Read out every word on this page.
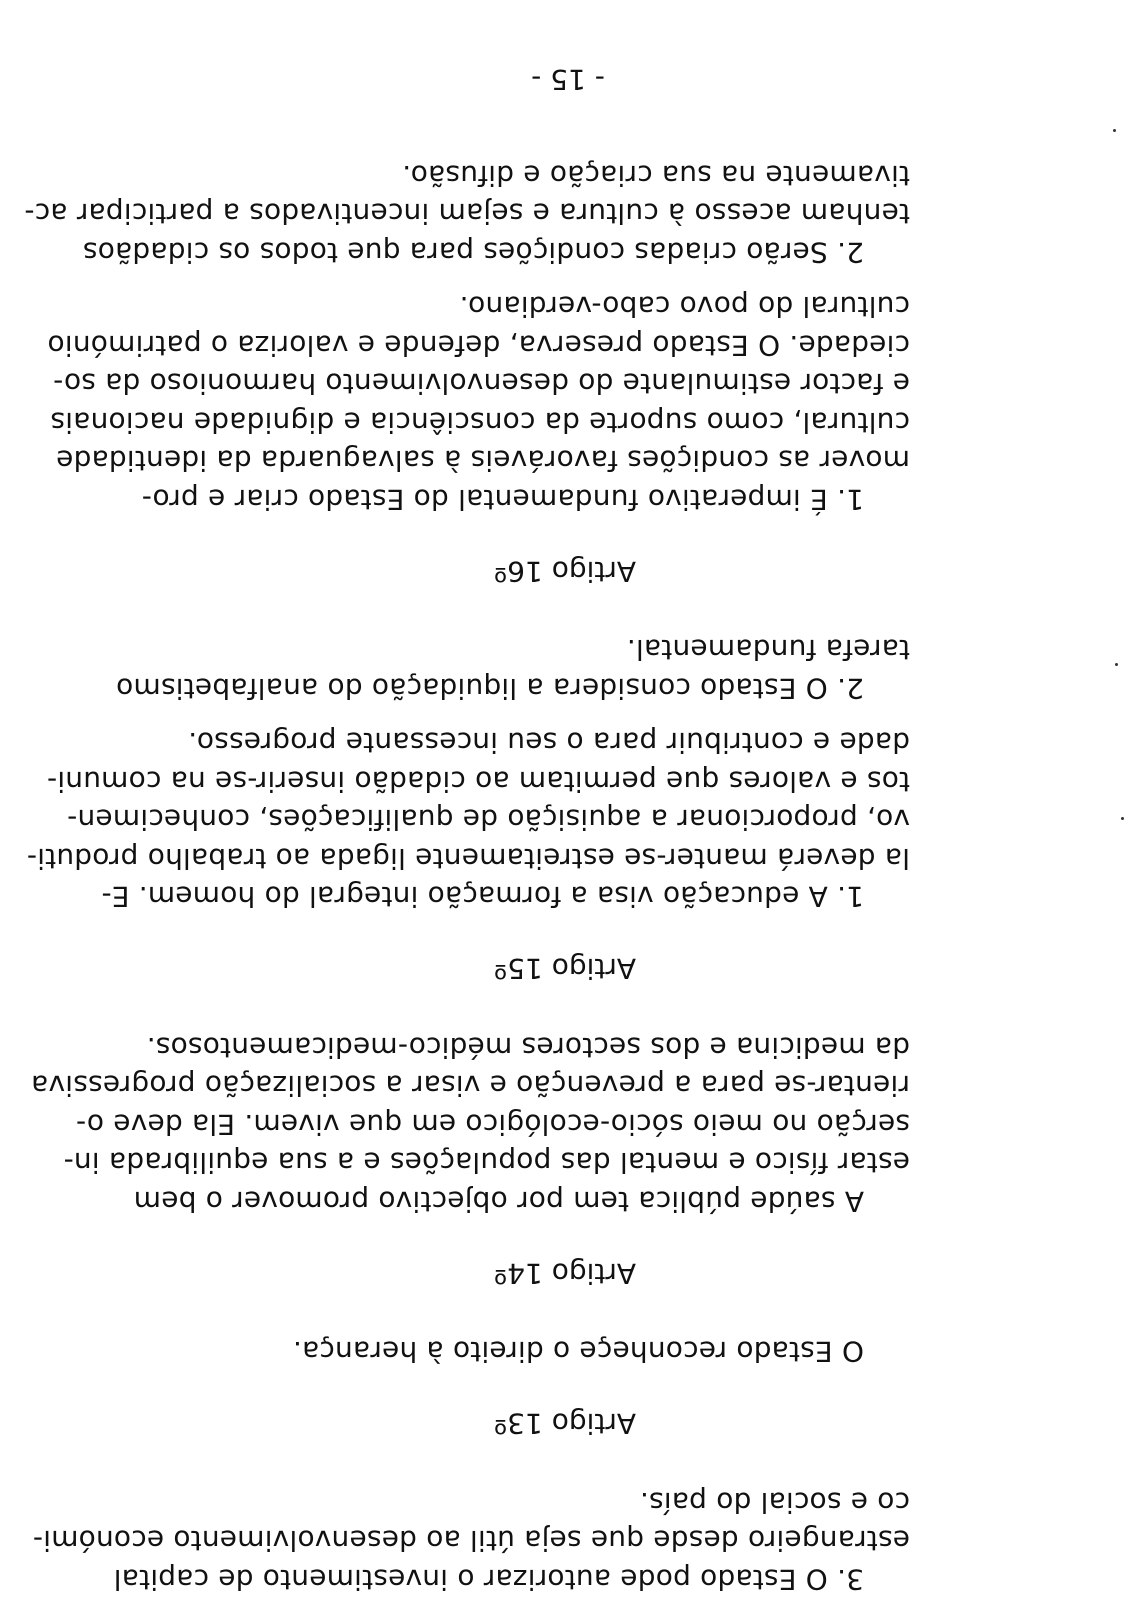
3. O Estado pode autorizar o investimento de capital
estrangeiro desde que seja útil ao desenvolvimento económi-
co e social do país.
Artigo 13º
O Estado reconheçe o direito à herança.
Artigo 14º
A saúde pública tem por objectivo promover o bem
estar físico e mental das populações e a sua equilibrada in-
serção no meio sócio-ecológico em que vivem. Ela deve o-
rientar-se para a prevenção e visar a socialização progressiva
da medicina e dos sectores médico-medicamentosos.
Artigo 15º
1. A educação visa a formação integral do homem. E-
la deverá manter-se estreitamente ligada ao trabalho produti-
vo, proporcionar a aquisição de qualificações, conhecimen-
tos e valores que permitam ao cidadão inserir-se na comuni-
dade e contribuir para o seu incessante progresso.
2. O Estado considera a liquidação do analfabetismo
tarefa fundamental.
Artigo 16º
1. É imperativo fundamental do Estado criar e pro-
mover as condições favoráveis à salvaguarda da identidade
cultural, como suporte da consciência e dignidade nacionais
e factor estimulante do desenvolvimento harmonioso da so-
ciedade. O Estado preserva, defende e valoriza o património
cultural do povo cabo-verdiano.
2. Serão criadas condições para que todos os cidadãos
tenham acesso à cultura e sejam incentivados a participar ac-
tivamente na sua criação e difusão.
- 15 -
